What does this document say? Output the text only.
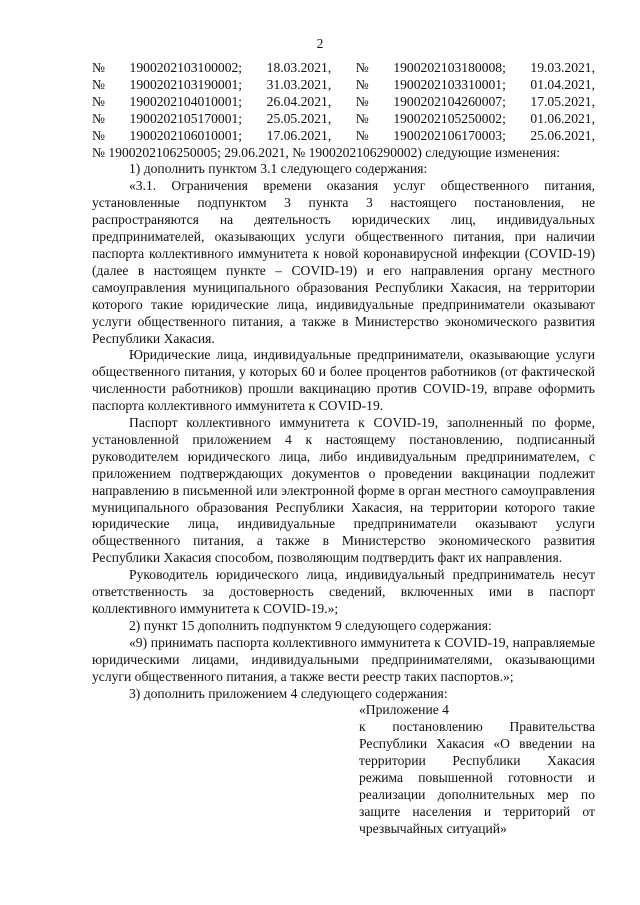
2
№ 1900202103100002; 18.03.2021, № 1900202103180008; 19.03.2021,
№ 1900202103190001; 31.03.2021, № 1900202103310001; 01.04.2021,
№ 1900202104010001; 26.04.2021, № 1900202104260007; 17.05.2021,
№ 1900202105170001; 25.05.2021, № 1900202105250002; 01.06.2021,
№ 1900202106010001; 17.06.2021, № 1900202106170003; 25.06.2021,

№ 1900202106250005; 29.06.2021, № 1900202106290002) следующие изменения:

1) дополнить пунктом 3.1 следующего содержания:

«3.1. Ограничения времени оказания услуг общественного питания, установленные подпунктом 3 пункта 3 настоящего постановления, не распространяются на деятельность юридических лиц, индивидуальных предпринимателей, оказывающих услуги общественного питания, при наличии паспорта коллективного иммунитета к новой коронавирусной инфекции (COVID-19) (далее в настоящем пункте – COVID-19) и его направления органу местного самоуправления муниципального образования Республики Хакасия, на территории которого такие юридические лица, индивидуальные предприниматели оказывают услуги общественного питания, а также в Министерство экономического развития Республики Хакасия.

Юридические лица, индивидуальные предприниматели, оказывающие услуги общественного питания, у которых 60 и более процентов работников (от фактической численности работников) прошли вакцинацию против COVID-19, вправе оформить паспорта коллективного иммунитета к COVID-19.

Паспорт коллективного иммунитета к COVID-19, заполненный по форме, установленной приложением 4 к настоящему постановлению, подписанный руководителем юридического лица, либо индивидуальным предпринимателем, с приложением подтверждающих документов о проведении вакцинации подлежит направлению в письменной или электронной форме в орган местного самоуправления муниципального образования Республики Хакасия, на территории которого такие юридические лица, индивидуальные предприниматели оказывают услуги общественного питания, а также в Министерство экономического развития Республики Хакасия способом, позволяющим подтвердить факт их направления.

Руководитель юридического лица, индивидуальный предприниматель несут ответственность за достоверность сведений, включенных ими в паспорт коллективного иммунитета к COVID-19.»;

2) пункт 15 дополнить подпунктом 9 следующего содержания:

«9) принимать паспорта коллективного иммунитета к COVID-19, направляемые юридическими лицами, индивидуальными предпринимателями, оказывающими услуги общественного питания, а также вести реестр таких паспортов.»;

3) дополнить приложением 4 следующего содержания:

«Приложение 4

к постановлению Правительства Республики Хакасия «О введении на территории Республики Хакасия режима повышенной готовности и реализации дополнительных мер по защите населения и территорий от чрезвычайных ситуаций»
